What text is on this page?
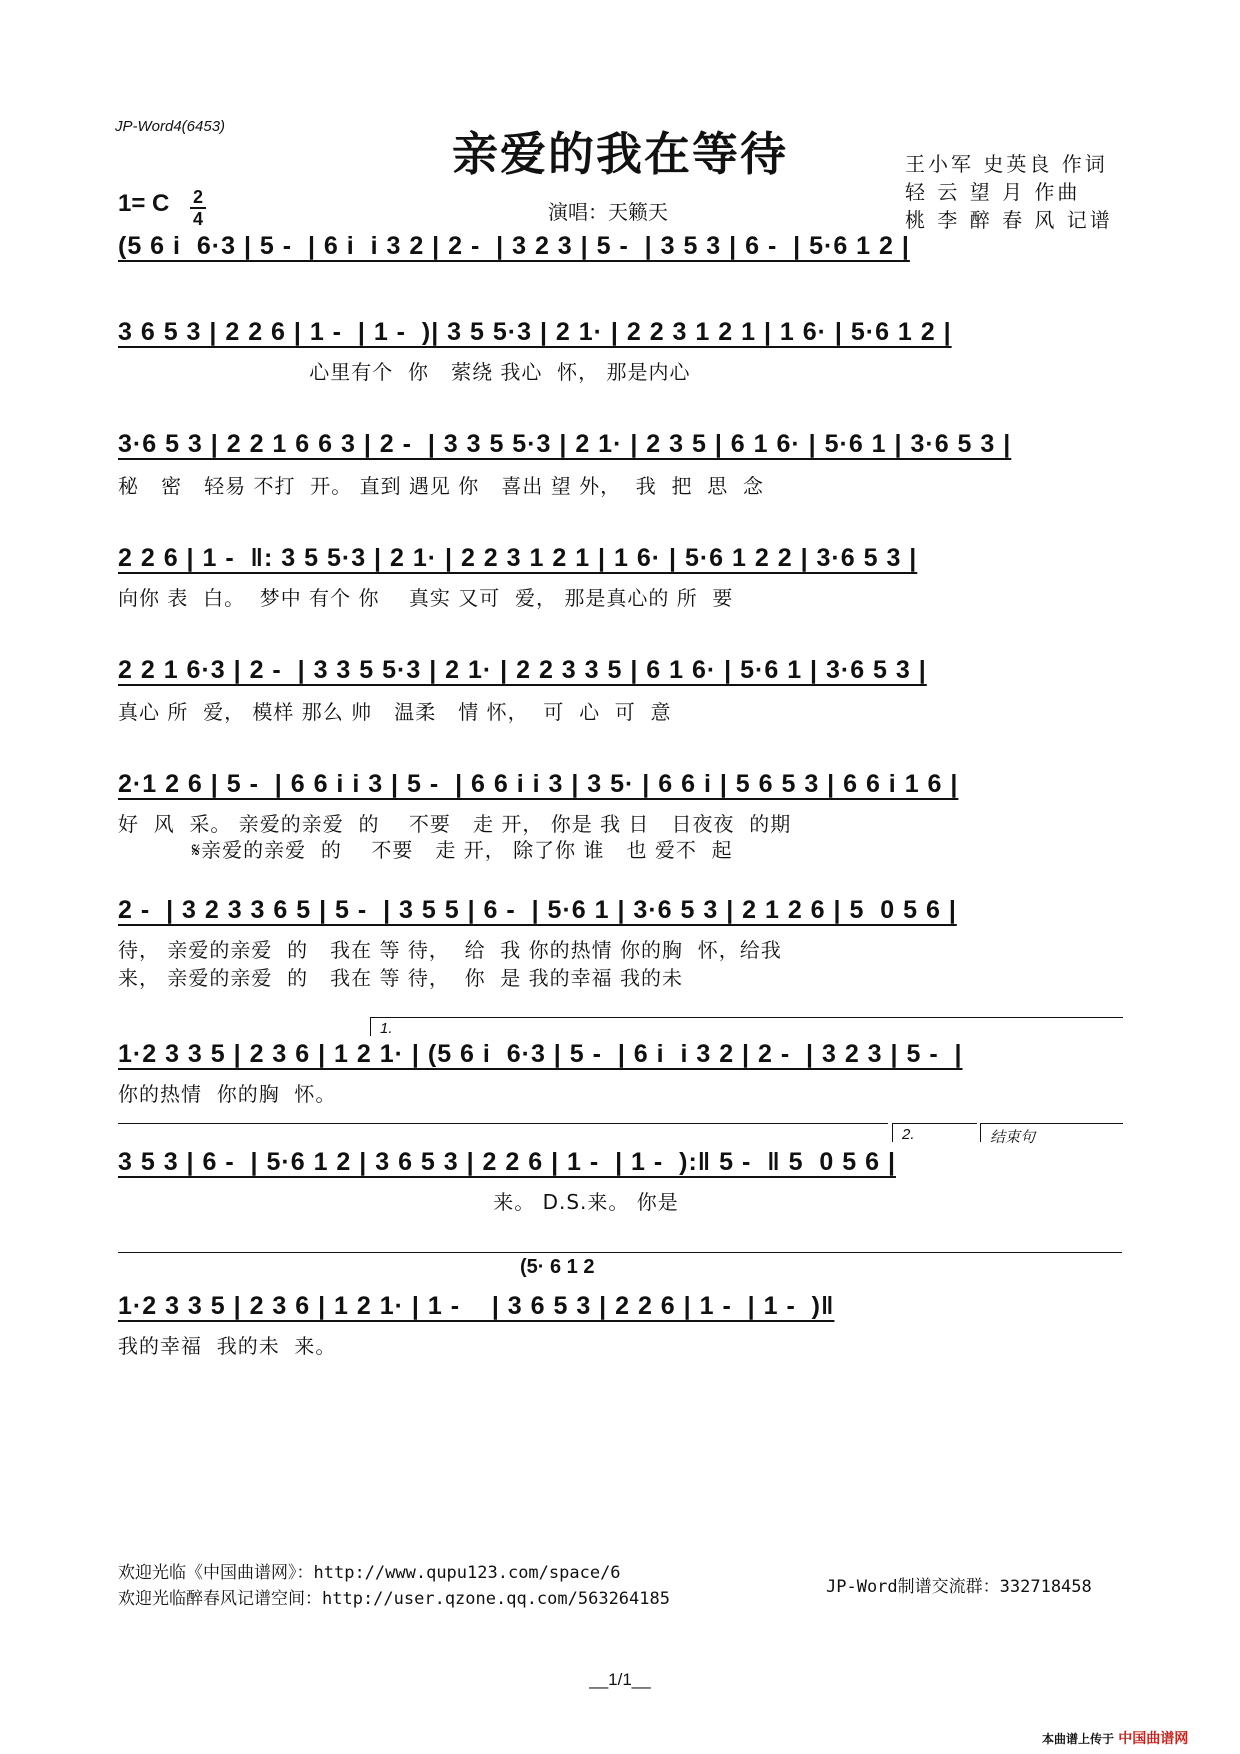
JP-Word4(6453)
亲爱的我在等待	王小军 史英良 作词
轻 云 望 月 作曲
桃 李 醉 春 风 记谱
1= C 2
4	演唱：天籁天
(5 6 i  6·3 | 5 -  | 6 i  i 3 2 | 2 -  | 3 2 3 | 5 -  | 3 5 3 | 6 -  | 5·6 1 2 |
3 6 5 3 | 2 2 6 | 1 -  | 1 -  )| 3 5 5·3 | 2 1· | 2 2 3 1 2 1 | 1 6· | 5·6 1 2 |
心里有个  你   萦绕 我心  怀， 那是内心
3·6 5 3 | 2 2 1 6 6 3 | 2 -  | 3 3 5 5·3 | 2 1· | 2 3 5 | 6 1 6· | 5·6 1 | 3·6 5 3 |
秘   密   轻易 不打  开。 直到 遇见 你   喜出 望 外，  我  把  思  念
2 2 6 | 1 -  ‖: 3 5 5·3 | 2 1· | 2 2 3 1 2 1 | 1 6· | 5·6 1 2 2 | 3·6 5 3 |
向你 表  白。  梦中 有个 你    真实 又可  爱， 那是真心的 所  要
2 2 1 6·3 | 2 -  | 3 3 5 5·3 | 2 1· | 2 2 3 3 5 | 6 1 6· | 5·6 1 | 3·6 5 3 |
真心 所  爱， 模样 那么 帅   温柔   情 怀，  可  心  可  意
2·1 2 6 | 5 -  | 6 6 i i 3 | 5 -  | 6 6 i i 3 | 3 5· | 6 6 i | 5 6 5 3 | 6 6 i 1 6 |
好  风  采。 亲爱的亲爱  的    不要   走 开， 你是 我 日   日夜夜  的期
𝄋亲爱的亲爱  的    不要   走 开， 除了你 谁   也 爱不  起
2 -  | 3 2 3 3 6 5 | 5 -  | 3 5 5 | 6 -  | 5·6 1 | 3·6 5 3 | 2 1 2 6 | 5  0 5 6 |
待， 亲爱的亲爱  的   我在 等 待，  给  我 你的热情 你的胸  怀，给我
来， 亲爱的亲爱  的   我在 等 待，  你  是 我的幸福 我的未
1.
1·2 3 3 5 | 2 3 6 | 1 2 1· | (5 6 i  6·3 | 5 -  | 6 i  i 3 2 | 2 -  | 3 2 3 | 5 -  |
你的热情  你的胸  怀。
2.	结束句
3 5 3 | 6 -  | 5·6 1 2 | 3 6 5 3 | 2 2 6 | 1 -  | 1 -  ):‖ 5 -  ‖ 5  0 5 6 |
来。 D.S.来。 你是
(5· 6 1 2
1·2 3 3 5 | 2 3 6 | 1 2 1· | 1 -    | 3 6 5 3 | 2 2 6 | 1 -  | 1 -  )‖
我的幸福  我的未  来。
欢迎光临《中国曲谱网》：http://www.qupu123.com/space/6
欢迎光临醉春风记谱空间：http://user.qzone.qq.com/563264185
JP-Word制谱交流群：332718458
__1/1__
本曲谱上传于 中国曲谱网
